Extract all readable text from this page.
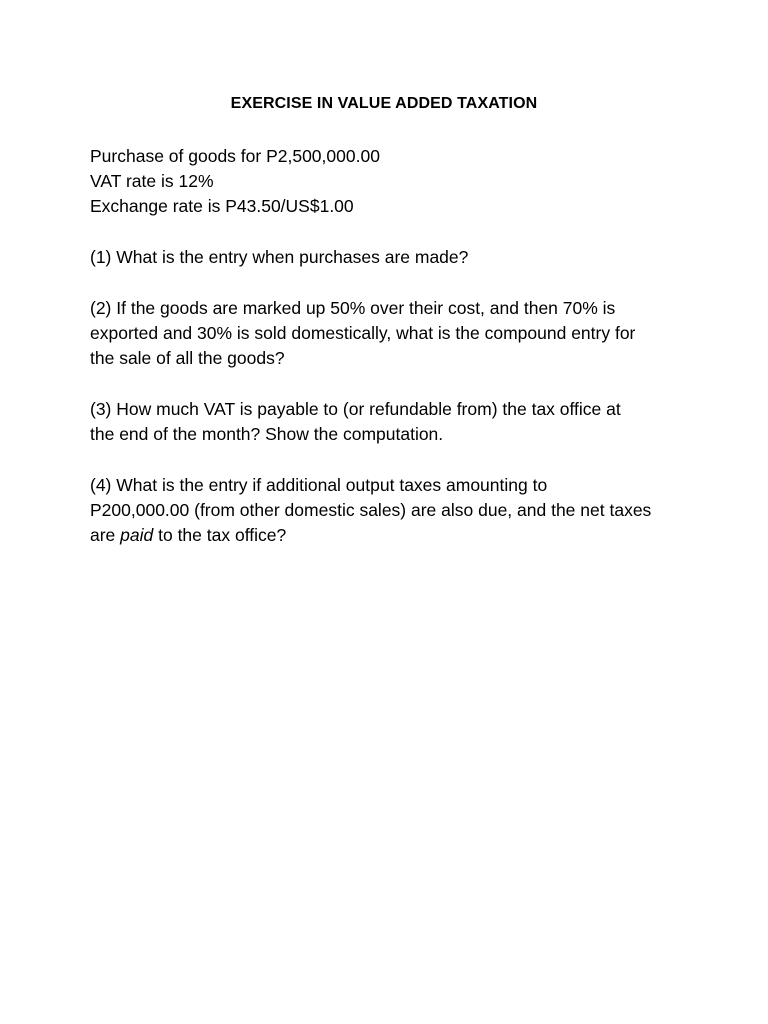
EXERCISE IN VALUE ADDED TAXATION
Purchase of goods for P2,500,000.00
VAT rate is 12%
Exchange rate is P43.50/US$1.00
(1) What is the entry when purchases are made?
(2) If the goods are marked up 50% over their cost, and then 70% is
exported and 30% is sold domestically, what is the compound entry for
the sale of all the goods?
(3) How much VAT is payable to (or refundable from) the tax office at
the end of the month? Show the computation.
(4) What is the entry if additional output taxes amounting to
P200,000.00 (from other domestic sales) are also due, and the net taxes
are paid to the tax office?
